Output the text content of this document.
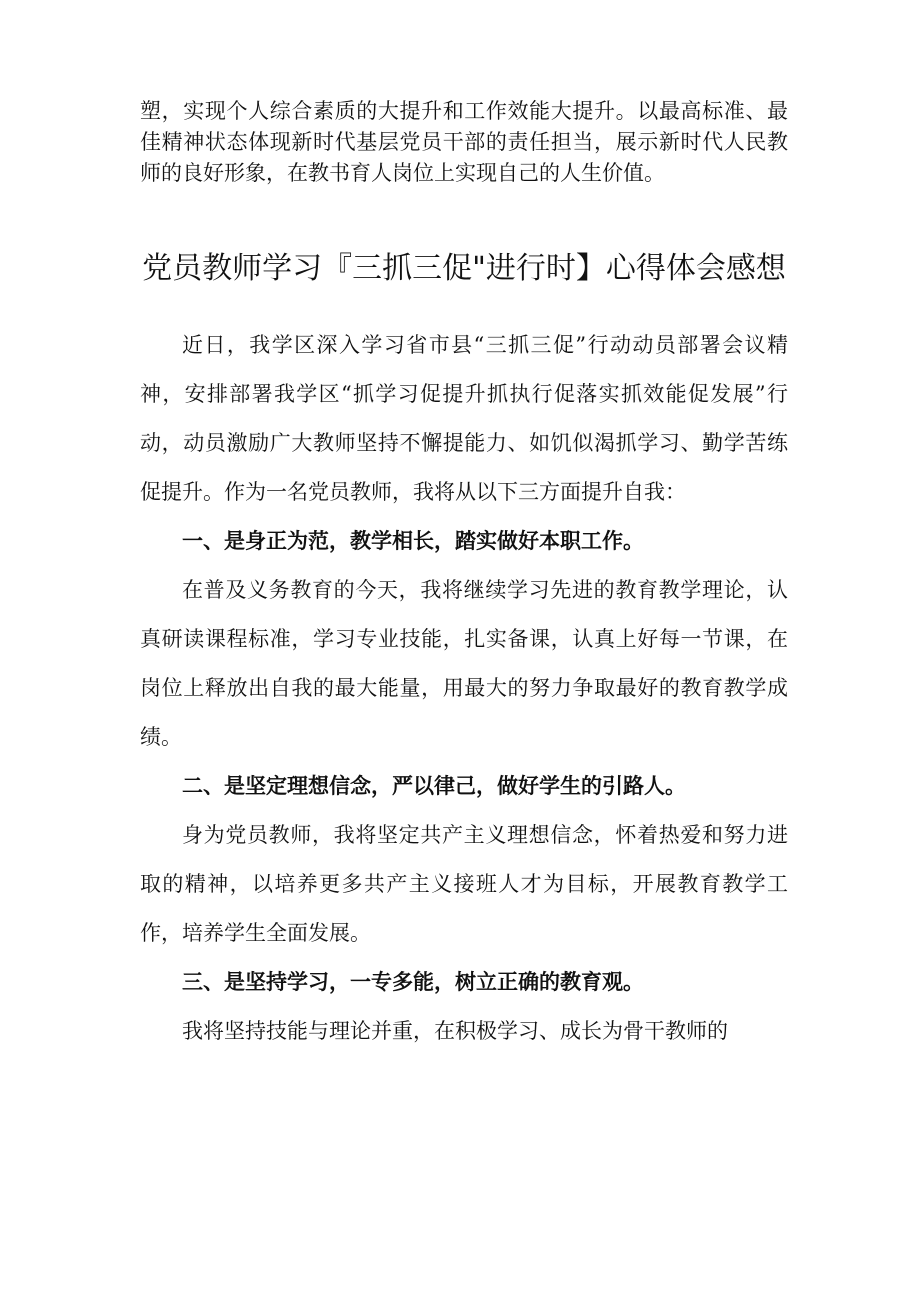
塑，实现个人综合素质的大提升和工作效能大提升。以最高标准、最佳精神状态体现新时代基层党员干部的责任担当，展示新时代人民教师的良好形象，在教书育人岗位上实现自己的人生价值。

党员教师学习『三抓三促"进行时】心得体会感想

近日，我学区深入学习省市县“三抓三促”行动动员部署会议精神，安排部署我学区“抓学习促提升抓执行促落实抓效能促发展”行动，动员激励广大教师坚持不懈提能力、如饥似渴抓学习、勤学苦练促提升。作为一名党员教师，我将从以下三方面提升自我：

一、是身正为范，教学相长，踏实做好本职工作。

在普及义务教育的今天，我将继续学习先进的教育教学理论，认真研读课程标准，学习专业技能，扎实备课，认真上好每一节课，在岗位上释放出自我的最大能量，用最大的努力争取最好的教育教学成绩。

二、是坚定理想信念，严以律己，做好学生的引路人。

身为党员教师，我将坚定共产主义理想信念，怀着热爱和努力进取的精神，以培养更多共产主义接班人才为目标，开展教育教学工作，培养学生全面发展。

三、是坚持学习，一专多能，树立正确的教育观。

我将坚持技能与理论并重，在积极学习、成长为骨干教师的
